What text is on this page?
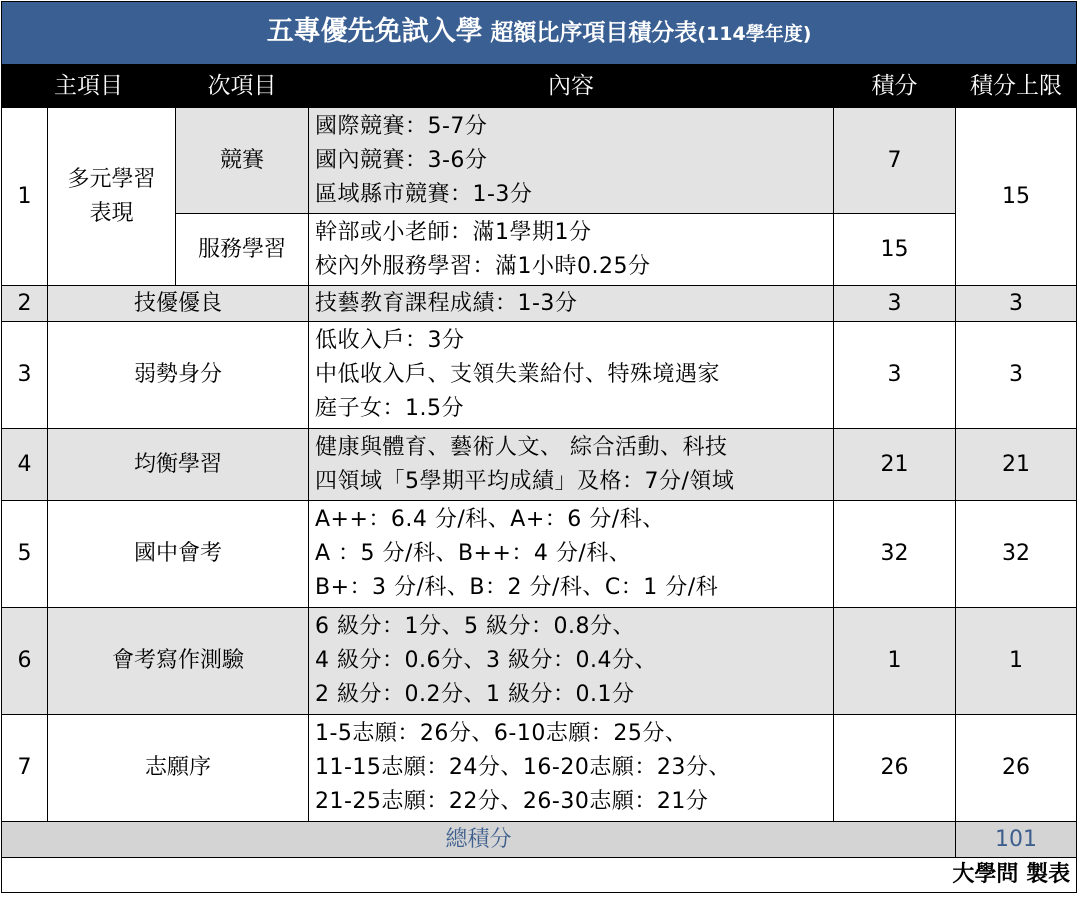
五專優先免試入學 超額比序項目積分表(114學年度)					
主項目		次項目	內容	積分	積分上限
1	多元學習表現	競賽	國際競賽：5-7分
國內競賽：3-6分
區域縣市競賽：1-3分	7	15
		服務學習	幹部或小老師：滿1學期1分
校內外服務學習：滿1小時0.25分	15	
2	技優優良		技藝教育課程成績：1-3分	3	3
3	弱勢身分		低收入戶：3分
中低收入戶、支領失業給付、特殊境遇家
庭子女：1.5分	3	3
4	均衡學習		健康與體育、藝術人文、 綜合活動、科技
四領域「5學期平均成績」及格：7分/領域	21	21
5	國中會考		A++：6.4 分/科、A+：6 分/科、
A ：5 分/科、B++：4 分/科、
B+：3 分/科、B：2 分/科、C：1 分/科	32	32
6	會考寫作測驗		6 級分：1分、5 級分：0.8分、
4 級分：0.6分、3 級分：0.4分、
2 級分：0.2分、1 級分：0.1分	1	1
7	志願序		1-5志願：26分、6-10志願：25分、
11-15志願：24分、16-20志願：23分、
21-25志願：22分、26-30志願：21分	26	26
總積分					101
大學問 製表					
